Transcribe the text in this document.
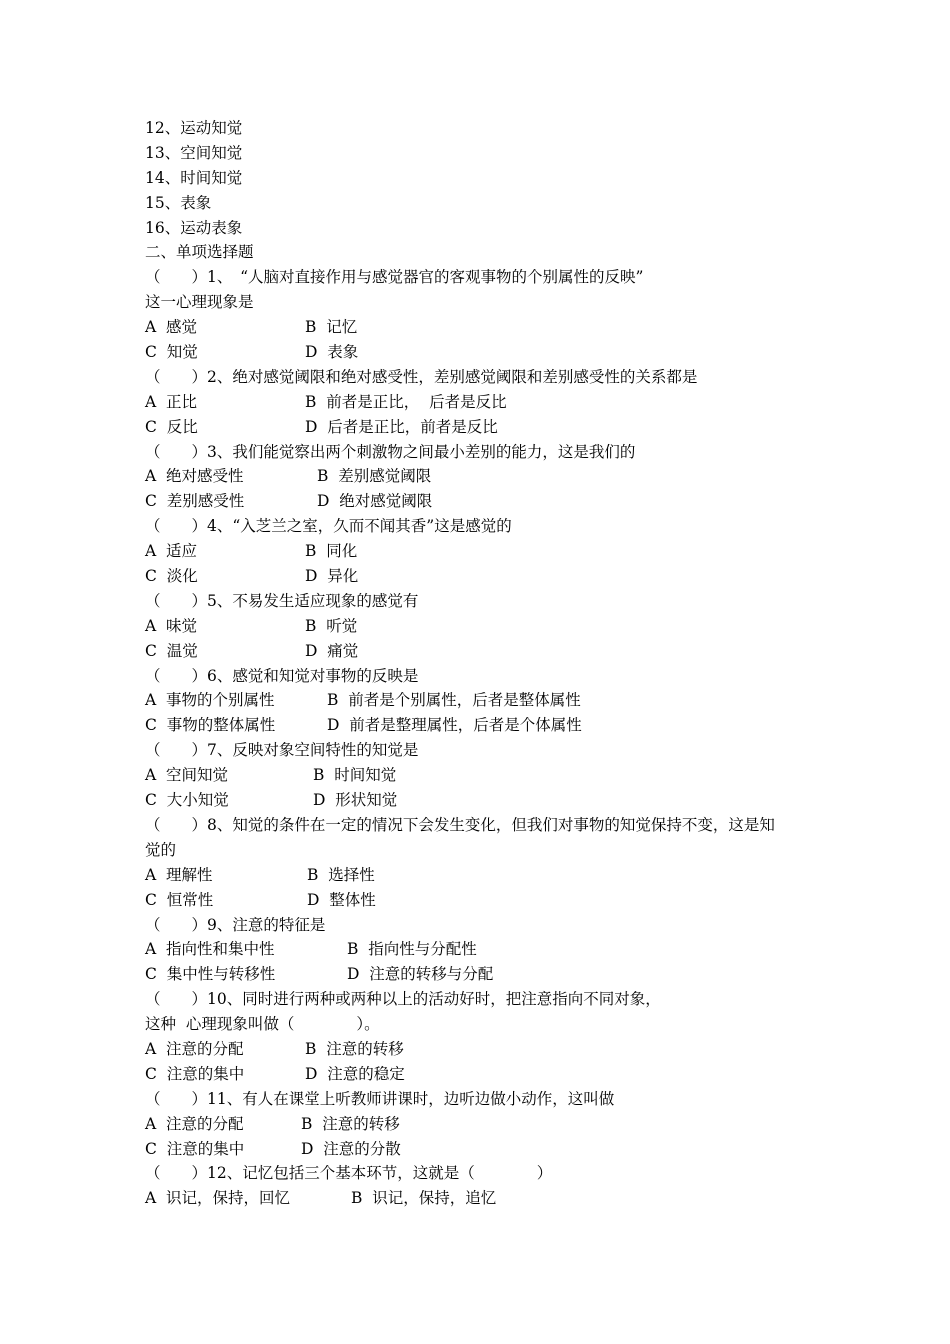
12、运动知觉
13、空间知觉
14、时间知觉
15、表象
16、运动表象
二、单项选择题
（　　）1、　“人脑对直接作用与感觉器官的客观事物的个别属性的反映”
这一心理现象是
A  感觉	B  记忆
C  知觉	D  表象
（　　）2、绝对感觉阈限和绝对感受性，差别感觉阈限和差别感受性的关系都是
A  正比	B  前者是正比，  后者是反比
C  反比	D  后者是正比，前者是反比
（　　）3、我们能觉察出两个刺激物之间最小差别的能力，这是我们的
A  绝对感受性	B  差别感觉阈限
C  差别感受性	D  绝对感觉阈限
（　　）4、“入芝兰之室，久而不闻其香”这是感觉的
A  适应	B  同化
C  淡化	D  异化
（　　）5、不易发生适应现象的感觉有
A  味觉	B  听觉
C  温觉	D  痛觉
（　　）6、感觉和知觉对事物的反映是
A  事物的个别属性	B  前者是个别属性，后者是整体属性
C  事物的整体属性	D  前者是整理属性，后者是个体属性
（　　）7、反映对象空间特性的知觉是
A  空间知觉	B  时间知觉
C  大小知觉	D  形状知觉
（　　）8、知觉的条件在一定的情况下会发生变化，但我们对事物的知觉保持不变，这是知
觉的
A  理解性	B  选择性
C  恒常性	D  整体性
（　　）9、注意的特征是
A  指向性和集中性	B  指向性与分配性
C  集中性与转移性	D  注意的转移与分配
（　　）10、同时进行两种或两种以上的活动好时，把注意指向不同对象，
这种  心理现象叫做（　　　　）。
A  注意的分配	B  注意的转移
C  注意的集中	D  注意的稳定
（　　）11、有人在课堂上听教师讲课时，边听边做小动作，这叫做
A  注意的分配	B  注意的转移
C  注意的集中	D  注意的分散
（　　）12、记忆包括三个基本环节，这就是（　　　　）
A  识记，保持，回忆	B  识记，保持，追忆
